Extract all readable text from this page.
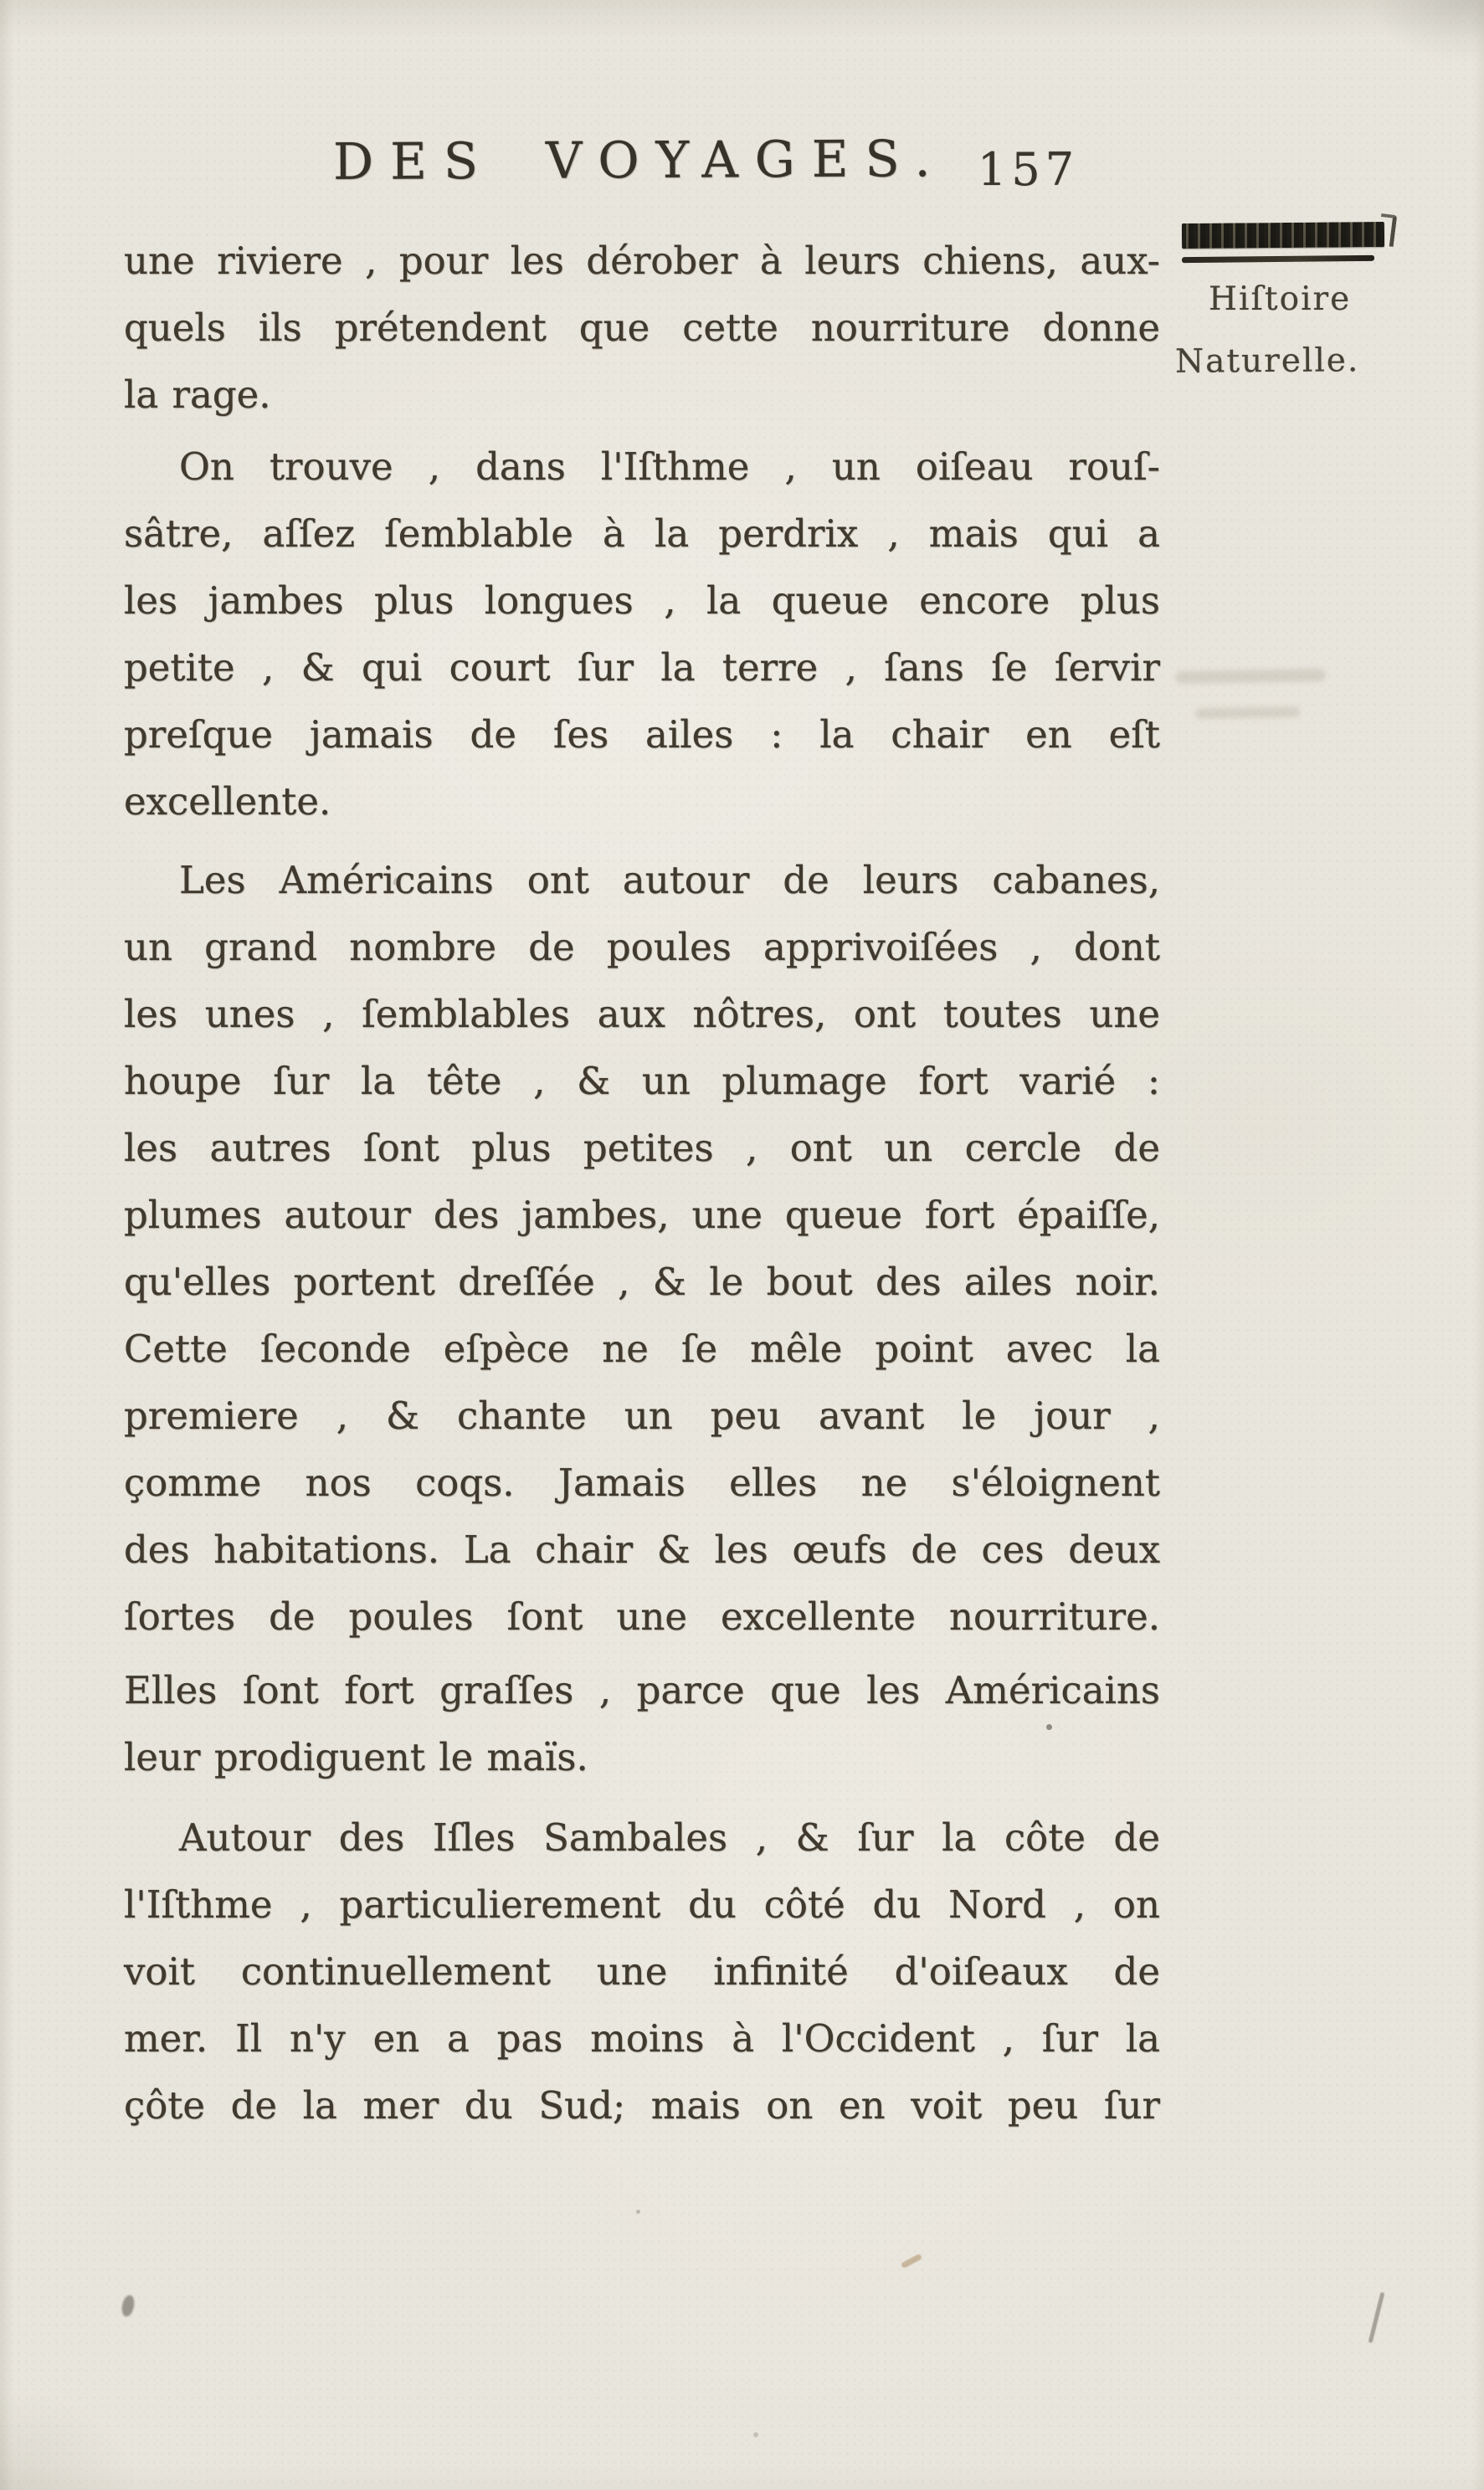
DES VOYAGES. 157
Hiſtoire
Naturelle.
une riviere , pour les dérober à leurs chiens, aux-
quels ils prétendent que cette nourriture donne
la rage.
On trouve , dans l'Iſthme , un oiſeau rouſ-
sâtre, aſſez ſemblable à la perdrix , mais qui a
les jambes plus longues , la queue encore plus
petite , & qui court ſur la terre , ſans ſe ſervir
preſque jamais de ſes ailes : la chair en eſt
excellente.
Les Américains ont autour de leurs cabanes,
un grand nombre de poules apprivoiſées , dont
les unes , ſemblables aux nôtres, ont toutes une
houpe ſur la tête , & un plumage fort varié :
les autres ſont plus petites , ont un cercle de
plumes autour des jambes, une queue fort épaiſſe,
qu'elles portent dreſſée , & le bout des ailes noir.
Cette ſeconde eſpèce ne ſe mêle point avec la
premiere , & chante un peu avant le jour ,
çomme nos coqs. Jamais elles ne s'éloignent
des habitations. La chair & les œufs de ces deux
ſortes de poules ſont une excellente nourriture.
Elles ſont fort graſſes , parce que les Américains
leur prodiguent le maïs.
Autour des Iſles Sambales , & ſur la côte de
l'Iſthme , particulierement du côté du Nord , on
voit continuellement une infinité d'oiſeaux de
mer. Il n'y en a pas moins à l'Occident , ſur la
çôte de la mer du Sud; mais on en voit peu ſur
